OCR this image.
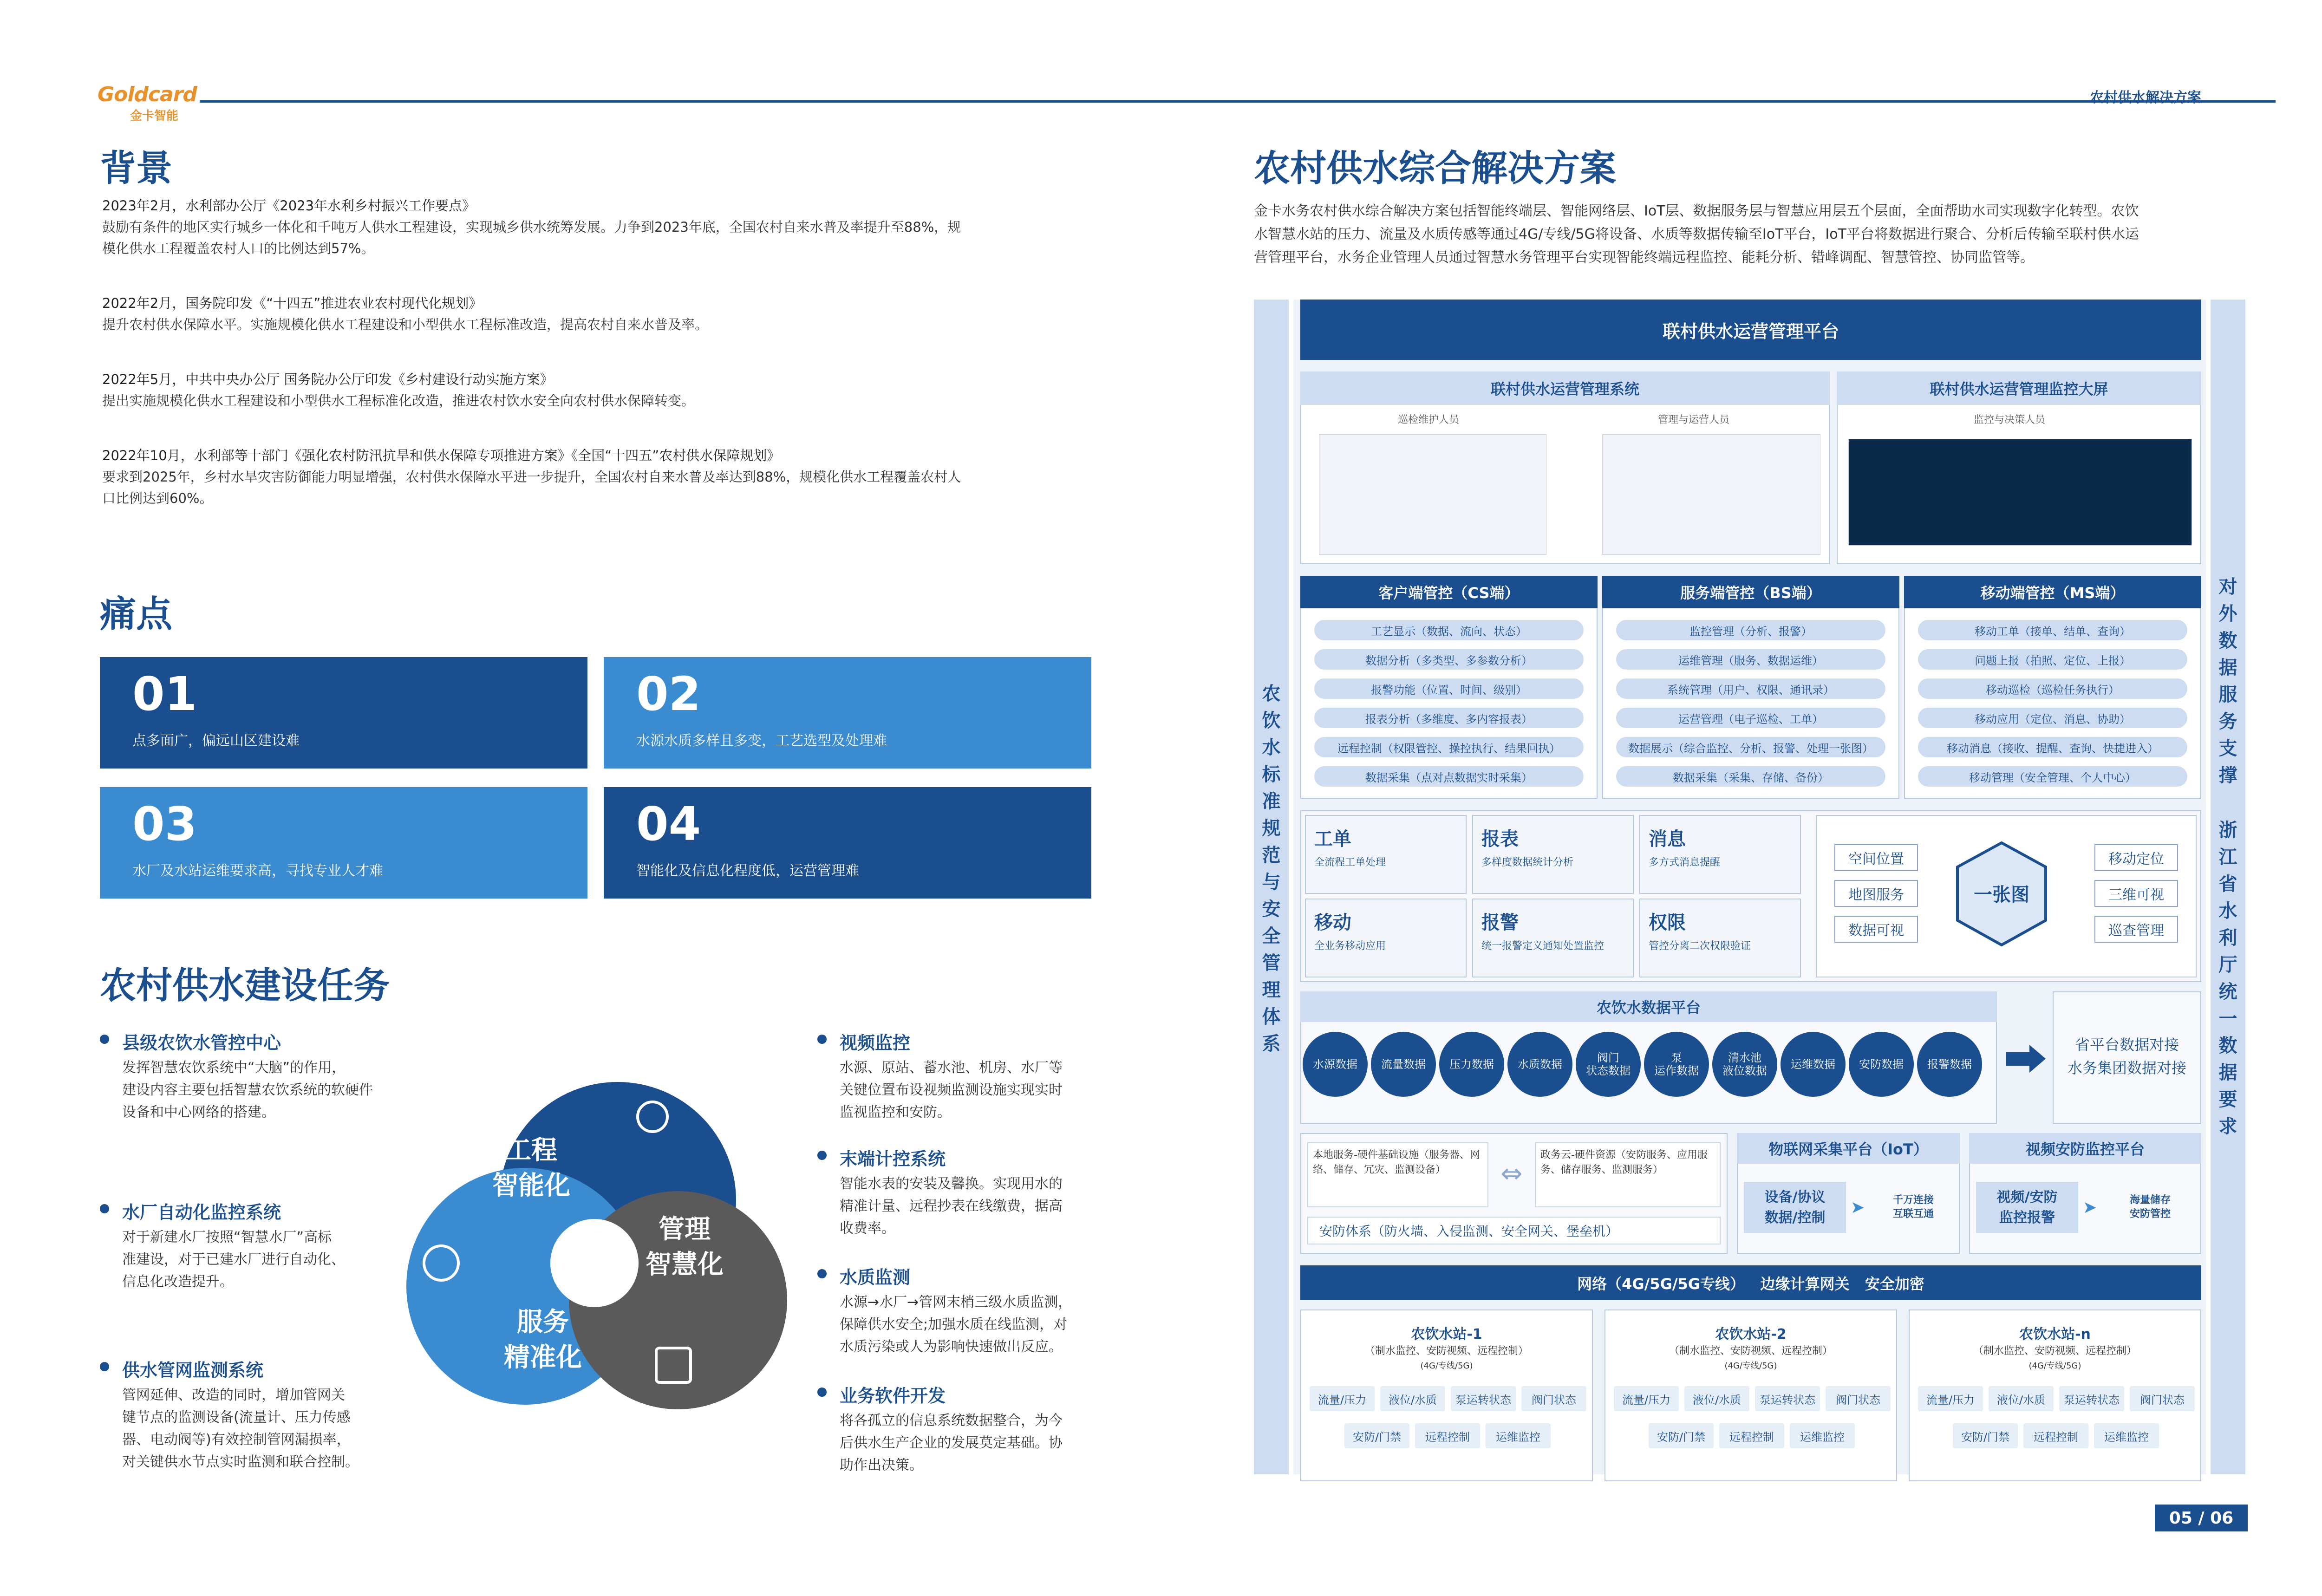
Goldcard
金卡智能
农村供水解决方案
背景
2023年2月，水利部办公厅《2023年水利乡村振兴工作要点》
鼓励有条件的地区实行城乡一体化和千吨万人供水工程建设，实现城乡供水统筹发展。力争到2023年底，全国农村自来水普及率提升至88%，规
模化供水工程覆盖农村人口的比例达到57%。
2022年2月，国务院印发《“十四五”推进农业农村现代化规划》
提升农村供水保障水平。实施规模化供水工程建设和小型供水工程标准改造，提高农村自来水普及率。
2022年5月，中共中央办公厅 国务院办公厅印发《乡村建设行动实施方案》
提出实施规模化供水工程建设和小型供水工程标准化改造，推进农村饮水安全向农村供水保障转变。
2022年10月，水利部等十部门《强化农村防汛抗旱和供水保障专项推进方案》《全国“十四五”农村供水保障规划》
要求到2025年，乡村水旱灾害防御能力明显增强，农村供水保障水平进一步提升，全国农村自来水普及率达到88%，规模化供水工程覆盖农村人
口比例达到60%。
痛点
01
点多面广，偏远山区建设难
02
水源水质多样且多变，工艺选型及处理难
03
水厂及水站运维要求高，寻找专业人才难
04
智能化及信息化程度低，运营管理难
农村供水建设任务
县级农饮水管控中心
发挥智慧农饮系统中“大脑”的作用，
建设内容主要包括智慧农饮系统的软硬件
设备和中心网络的搭建。
水厂自动化监控系统
对于新建水厂按照“智慧水厂”高标
准建设，对于已建水厂进行自动化、
信息化改造提升。
供水管网监测系统
管网延伸、改造的同时，增加管网关
键节点的监测设备(流量计、压力传感
器、电动阀等)有效控制管网漏损率，
对关键供水节点实时监测和联合控制。
视频监控
水源、原站、蓄水池、机房、水厂等
关键位置布设视频监测设施实现实时
监视监控和安防。
末端计控系统
智能水表的安装及馨换。实现用水的
精准计量、远程抄表在线缴费，据高
收费率。
水质监测
水源→水厂→管网末梢三级水质监测，
保障供水安全;加强水质在线监测，对
水质污染或人为影响快速做出反应。
业务软件开发
将各孤立的信息系统数据整合，为今
后供水生产企业的发展莫定基础。协
助作出决策。
工程
智能化
管理
智慧化
服务
精准化
农村供水综合解决方案
金卡水务农村供水综合解决方案包括智能终端层、智能网络层、IoT层、数据服务层与智慧应用层五个层面，全面帮助水司实现数字化转型。农饮
水智慧水站的压力、流量及水质传感等通过4G/专线/5G将设备、水质等数据传输至IoT平台，IoT平台将数据进行聚合、分析后传输至联村供水运
营管理平台，水务企业管理人员通过智慧水务管理平台实现智能终端远程监控、能耗分析、错峰调配、智慧管控、协同监管等。
农饮水标准规范与安全管理体系
对外数据服务支撑
浙江省水利厅统一数据要求
联村供水运营管理平台
联村供水运营管理系统	联村供水运营管理监控大屏
巡检维护人员	管理与运营人员	监控与决策人员
客户端管控（CS端）	服务端管控（BS端）	移动端管控（MS端）
工艺显示（数据、流向、状态）
数据分析（多类型、多参数分析）
报警功能（位置、时间、级别）
报表分析（多维度、多内容报表）
远程控制（权限管控、操控执行、结果回执）
数据采集（点对点数据实时采集）
监控管理（分析、报警）
运维管理（服务、数据运维）
系统管理（用户、权限、通讯录）
运营管理（电子巡检、工单）
数据展示（综合监控、分析、报警、处理一张图）
数据采集（采集、存储、备份）
移动工单（接单、结单、查询）
问题上报（拍照、定位、上报）
移动巡检（巡检任务执行）
移动应用（定位、消息、协助）
移动消息（接收、提醒、查询、快捷进入）
移动管理（安全管理、个人中心）
工单
全流程工单处理
报表
多样度数据统计分析
消息
多方式消息提醒
移动
全业务移动应用
报警
统一报警定义通知处置监控
权限
管控分离二次权限验证
一张图
空间位置
地图服务
数据可视
移动定位
三维可视
巡查管理
农饮水数据平台
水源数据	流量数据	压力数据	水质数据	阀门
状态数据
泵
运作数据
清水池
液位数据	运维数据	安防数据	报警数据
省平台数据对接
水务集团数据对接
本地服务-硬件基础设施（服务器、网络、储存、冗灾、监测设备）	⇔
政务云-硬件资源（安防服务、应用服务、储存服务、监测服务）
安防体系（防火墙、入侵监测、安全网关、堡垒机）
物联网采集平台（IoT）
设备/协议
数据/控制
➤	千万连接
互联互通
视频安防监控平台
视频/安防
监控报警
➤	海量储存
安防管控
网络（4G/5G/5G专线）   边缘计算网关   安全加密
农饮水站-1
（制水监控、安防视频、远程控制）
(4G/专线/5G)
农饮水站-2
（制水监控、安防视频、远程控制）
(4G/专线/5G)
农饮水站-n
（制水监控、安防视频、远程控制）
(4G/专线/5G)
流量/压力	液位/水质	泵运转状态	阀门状态
安防/门禁	远程控制	运维监控
流量/压力	液位/水质	泵运转状态	阀门状态
安防/门禁	远程控制	运维监控
流量/压力	液位/水质	泵运转状态	阀门状态
安防/门禁	远程控制	运维监控
05 / 06
